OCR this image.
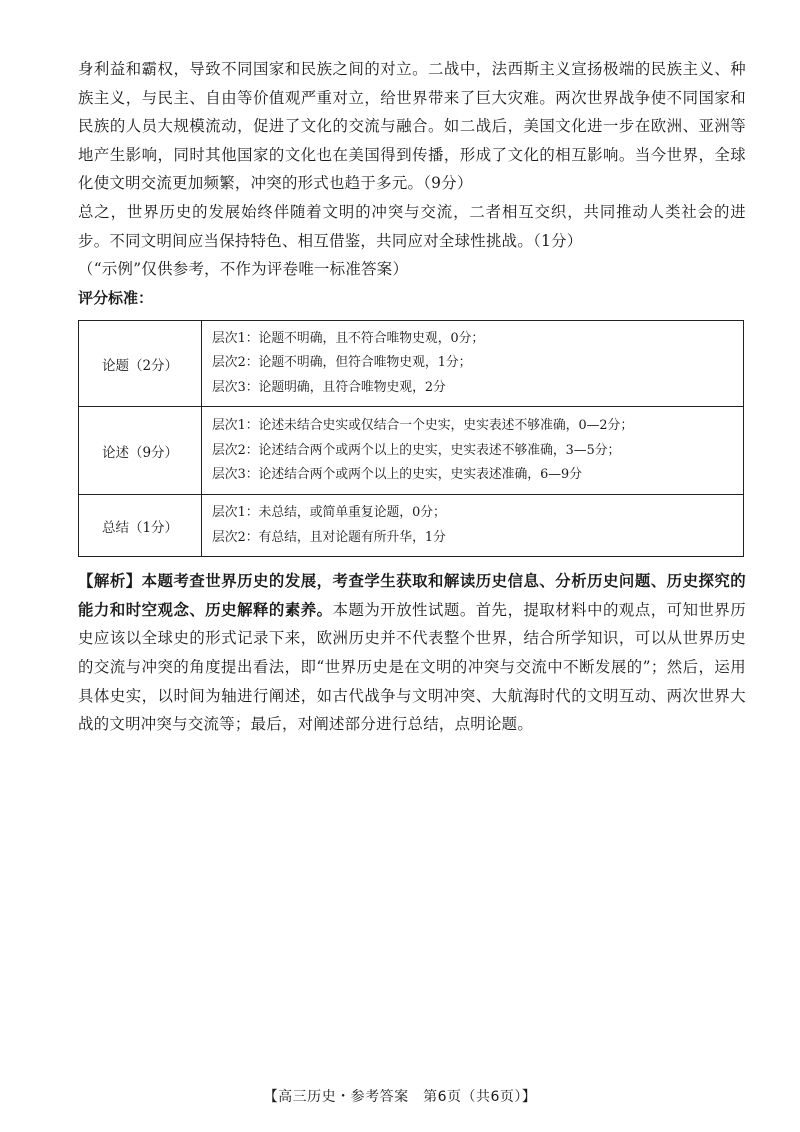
身利益和霸权，导致不同国家和民族之间的对立。二战中，法西斯主义宣扬极端的民族主义、种族主义，与民主、自由等价值观严重对立，给世界带来了巨大灾难。两次世界战争使不同国家和民族的人员大规模流动，促进了文化的交流与融合。如二战后，美国文化进一步在欧洲、亚洲等地产生影响，同时其他国家的文化也在美国得到传播，形成了文化的相互影响。当今世界，全球化使文明交流更加频繁，冲突的形式也趋于多元。（9分）

总之，世界历史的发展始终伴随着文明的冲突与交流，二者相互交织，共同推动人类社会的进步。不同文明间应当保持特色、相互借鉴，共同应对全球性挑战。（1分）

（“示例”仅供参考，不作为评卷唯一标准答案）

评分标准：

论题（2分）	层次1：论题不明确，且不符合唯物史观，0分；
层次2：论题不明确，但符合唯物史观，1分；
层次3：论题明确，且符合唯物史观，2分

论述（9分）	层次1：论述未结合史实或仅结合一个史实，史实表述不够准确，0—2分；
层次2：论述结合两个或两个以上的史实，史实表述不够准确，3—5分；
层次3：论述结合两个或两个以上的史实，史实表述准确，6—9分

总结（1分）	层次1：未总结，或简单重复论题，0分；
层次2：有总结，且对论题有所升华，1分

【解析】本题考查世界历史的发展，考查学生获取和解读历史信息、分析历史问题、历史探究的能力和时空观念、历史解释的素养。本题为开放性试题。首先，提取材料中的观点，可知世界历史应该以全球史的形式记录下来，欧洲历史并不代表整个世界，结合所学知识，可以从世界历史的交流与冲突的角度提出看法，即“世界历史是在文明的冲突与交流中不断发展的”；然后，运用具体史实，以时间为轴进行阐述，如古代战争与文明冲突、大航海时代的文明互动、两次世界大战的文明冲突与交流等；最后，对阐述部分进行总结，点明论题。

【高三历史・参考答案　第6页（共6页）】
